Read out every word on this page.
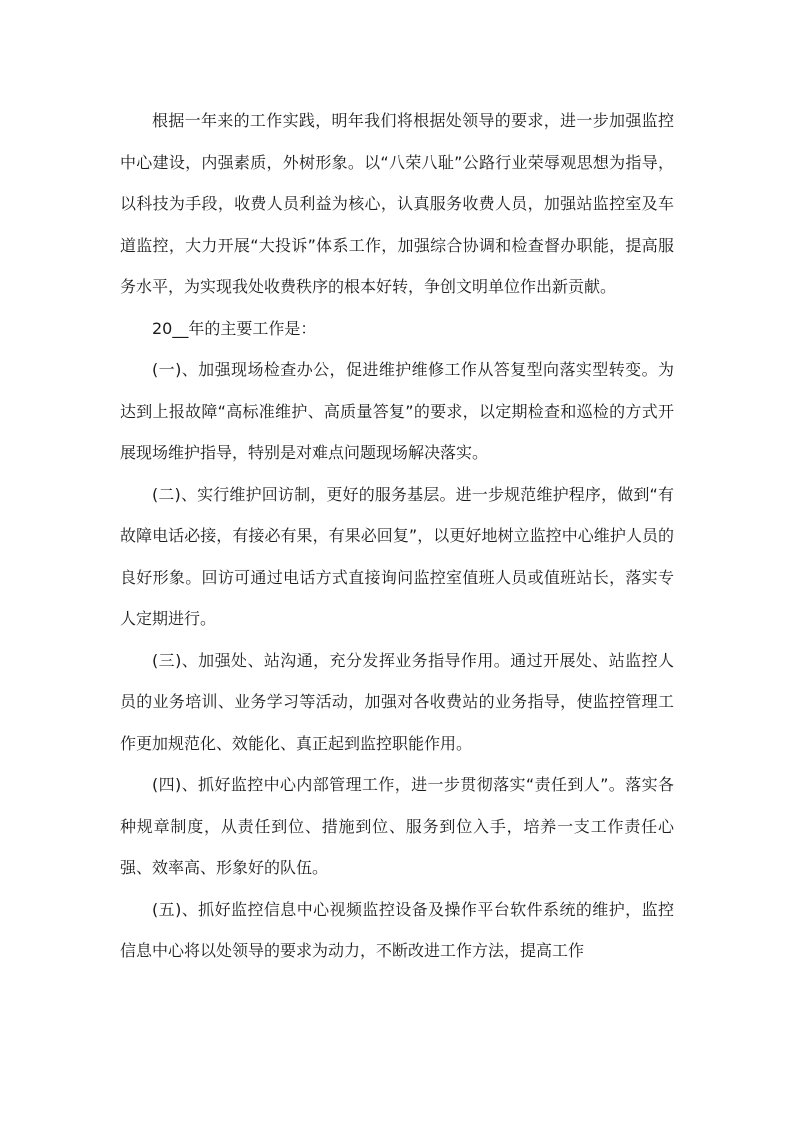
根据一年来的工作实践，明年我们将根据处领导的要求，进一步加强监控中心建设，内强素质，外树形象。以“八荣八耻”公路行业荣辱观思想为指导，以科技为手段，收费人员利益为核心，认真服务收费人员，加强站监控室及车道监控，大力开展“大投诉”体系工作，加强综合协调和检查督办职能，提高服务水平，为实现我处收费秩序的根本好转，争创文明单位作出新贡献。

20__年的主要工作是：

(一)、加强现场检查办公，促进维护维修工作从答复型向落实型转变。为达到上报故障“高标准维护、高质量答复”的要求，以定期检查和巡检的方式开展现场维护指导，特别是对难点问题现场解决落实。

(二)、实行维护回访制，更好的服务基层。进一步规范维护程序，做到“有故障电话必接，有接必有果，有果必回复”，以更好地树立监控中心维护人员的良好形象。回访可通过电话方式直接询问监控室值班人员或值班站长，落实专人定期进行。

(三)、加强处、站沟通，充分发挥业务指导作用。通过开展处、站监控人员的业务培训、业务学习等活动，加强对各收费站的业务指导，使监控管理工作更加规范化、效能化、真正起到监控职能作用。

(四)、抓好监控中心内部管理工作，进一步贯彻落实“责任到人”。落实各种规章制度，从责任到位、措施到位、服务到位入手，培养一支工作责任心强、效率高、形象好的队伍。

(五)、抓好监控信息中心视频监控设备及操作平台软件系统的维护，监控信息中心将以处领导的要求为动力，不断改进工作方法，提高工作
